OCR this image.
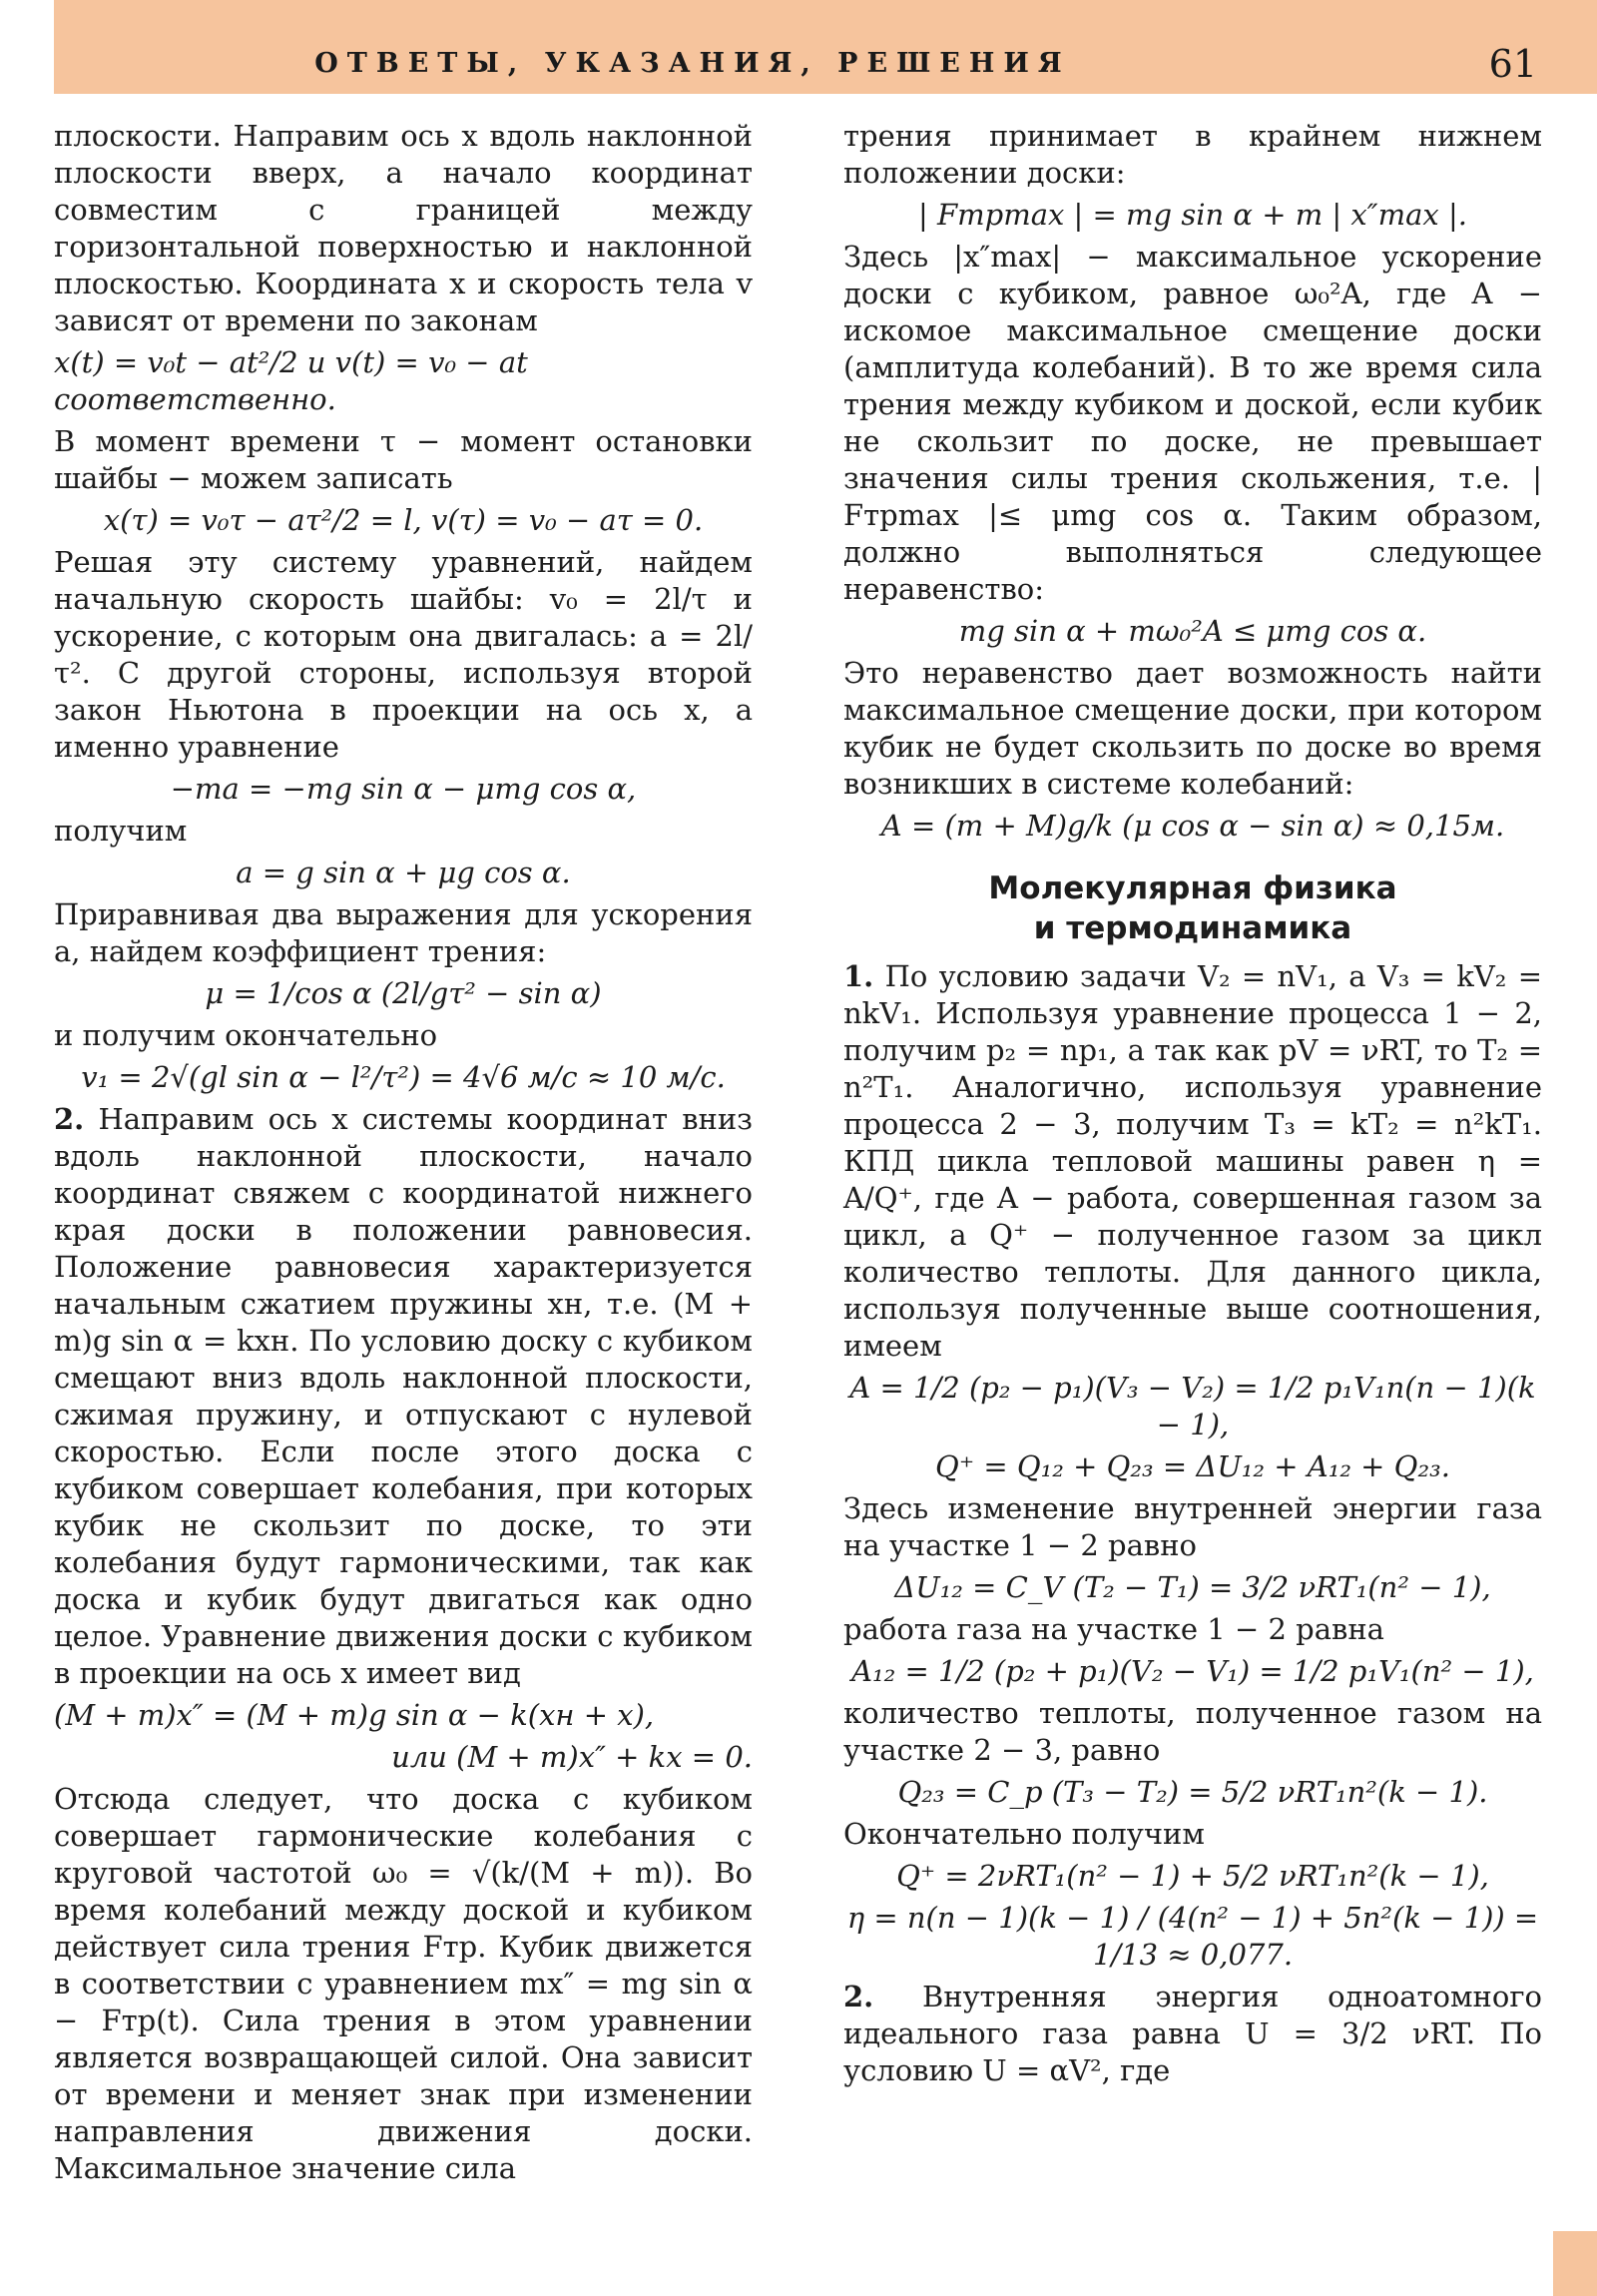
ОТВЕТЫ, УКАЗАНИЯ, РЕШЕНИЯ	61

плоскости. Направим ось x вдоль наклонной плоскости вверх, а начало координат совместим с границей между горизонтальной поверхностью и наклонной плоскостью. Координата x и скорость тела v зависят от времени по законам

x(t) = v₀t − at²/2 и v(t) = v₀ − at соответственно.

В момент времени τ − момент остановки шайбы − можем записать

x(τ) = v₀τ − aτ²/2 = l, v(τ) = v₀ − aτ = 0.

Решая эту систему уравнений, найдем начальную скорость шайбы: v₀ = 2l/τ и ускорение, с которым она двигалась: a = 2l/τ². С другой стороны, используя второй закон Ньютона в проекции на ось x, а именно уравнение

−ma = −mg sin α − μmg cos α,

получим

a = g sin α + μg cos α.

Приравнивая два выражения для ускорения a, найдем коэффициент трения:

μ = 1/cos α (2l/gτ² − sin α)

и получим окончательно

v₁ = 2√(gl sin α − l²/τ²) = 4√6 м/с ≈ 10 м/с.

2. Направим ось x системы координат вниз вдоль наклонной плоскости, начало координат свяжем с координатой нижнего края доски в положении равновесия. Положение равновесия характеризуется начальным сжатием пружины xн, т.е. (M + m)g sin α = kxн. По условию доску с кубиком смещают вниз вдоль наклонной плоскости, сжимая пружину, и отпускают с нулевой скоростью. Если после этого доска с кубиком совершает колебания, при которых кубик не скользит по доске, то эти колебания будут гармоническими, так как доска и кубик будут двигаться как одно целое. Уравнение движения доски с кубиком в проекции на ось x имеет вид

(M + m)x″ = (M + m)g sin α − k(xн + x),
или (M + m)x″ + kx = 0.

Отсюда следует, что доска с кубиком совершает гармонические колебания с круговой частотой ω₀ = √(k/(M + m)). Во время колебаний между доской и кубиком действует сила трения Fтр. Кубик движется в соответствии с уравнением mx″ = mg sin α − Fтр(t). Сила трения в этом уравнении является возвращающей силой. Она зависит от времени и меняет знак при изменении направления движения доски. Максимальное значение сила

трения принимает в крайнем нижнем положении доски:

| Fтрmax | = mg sin α + m | x″max |.

Здесь |x″max| − максимальное ускорение доски с кубиком, равное ω₀²A, где A − искомое максимальное смещение доски (амплитуда колебаний). В то же время сила трения между кубиком и доской, если кубик не скользит по доске, не превышает значения силы трения скольжения, т.е. | Fтрmax |≤ μmg cos α. Таким образом, должно выполняться следующее неравенство:

mg sin α + mω₀²A ≤ μmg cos α.

Это неравенство дает возможность найти максимальное смещение доски, при котором кубик не будет скользить по доске во время возникших в системе колебаний:

A = (m + M)g/k (μ cos α − sin α) ≈ 0,15м.
Молекулярная физика
и термодинамика

1. По условию задачи V₂ = nV₁, а V₃ = kV₂ = nkV₁. Используя уравнение процесса 1 − 2, получим p₂ = np₁, а так как pV = νRT, то T₂ = n²T₁. Аналогично, используя уравнение процесса 2 − 3, получим T₃ = kT₂ = n²kT₁. КПД цикла тепловой машины равен η = A/Q⁺, где A − работа, совершенная газом за цикл, а Q⁺ − полученное газом за цикл количество теплоты. Для данного цикла, используя полученные выше соотношения, имеем

A = 1/2 (p₂ − p₁)(V₃ − V₂) = 1/2 p₁V₁n(n − 1)(k − 1),
Q⁺ = Q₁₂ + Q₂₃ = ΔU₁₂ + A₁₂ + Q₂₃.

Здесь изменение внутренней энергии газа на участке 1 − 2 равно

ΔU₁₂ = C_V (T₂ − T₁) = 3/2 νRT₁(n² − 1),

работа газа на участке 1 − 2 равна

A₁₂ = 1/2 (p₂ + p₁)(V₂ − V₁) = 1/2 p₁V₁(n² − 1),

количество теплоты, полученное газом на участке 2 − 3, равно

Q₂₃ = C_p (T₃ − T₂) = 5/2 νRT₁n²(k − 1).

Окончательно получим

Q⁺ = 2νRT₁(n² − 1) + 5/2 νRT₁n²(k − 1),
η = n(n − 1)(k − 1) / (4(n² − 1) + 5n²(k − 1)) = 1/13 ≈ 0,077.

2. Внутренняя энергия одноатомного идеального газа равна U = 3/2 νRT. По условию U = αV², где
